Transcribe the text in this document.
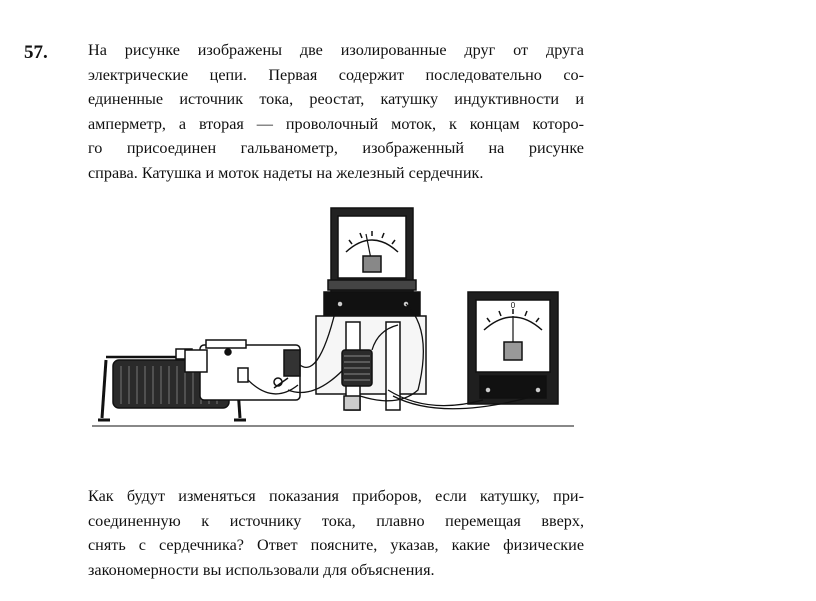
57. На рисунке изображены две изолированные друг от друга
электрические цепи. Первая содержит последовательно со-
единенные источник тока, реостат, катушку индуктивности и
амперметр, а вторая — проволочный моток, к концам которо-
го присоединен гальванометр, изображенный на рисунке
справа. Катушка и моток надеты на железный сердечник.
0
Как будут изменяться показания приборов, если катушку, при-
соединенную к источнику тока, плавно перемещая вверх,
снять с сердечника? Ответ поясните, указав, какие физические
закономерности вы использовали для объяснения.
